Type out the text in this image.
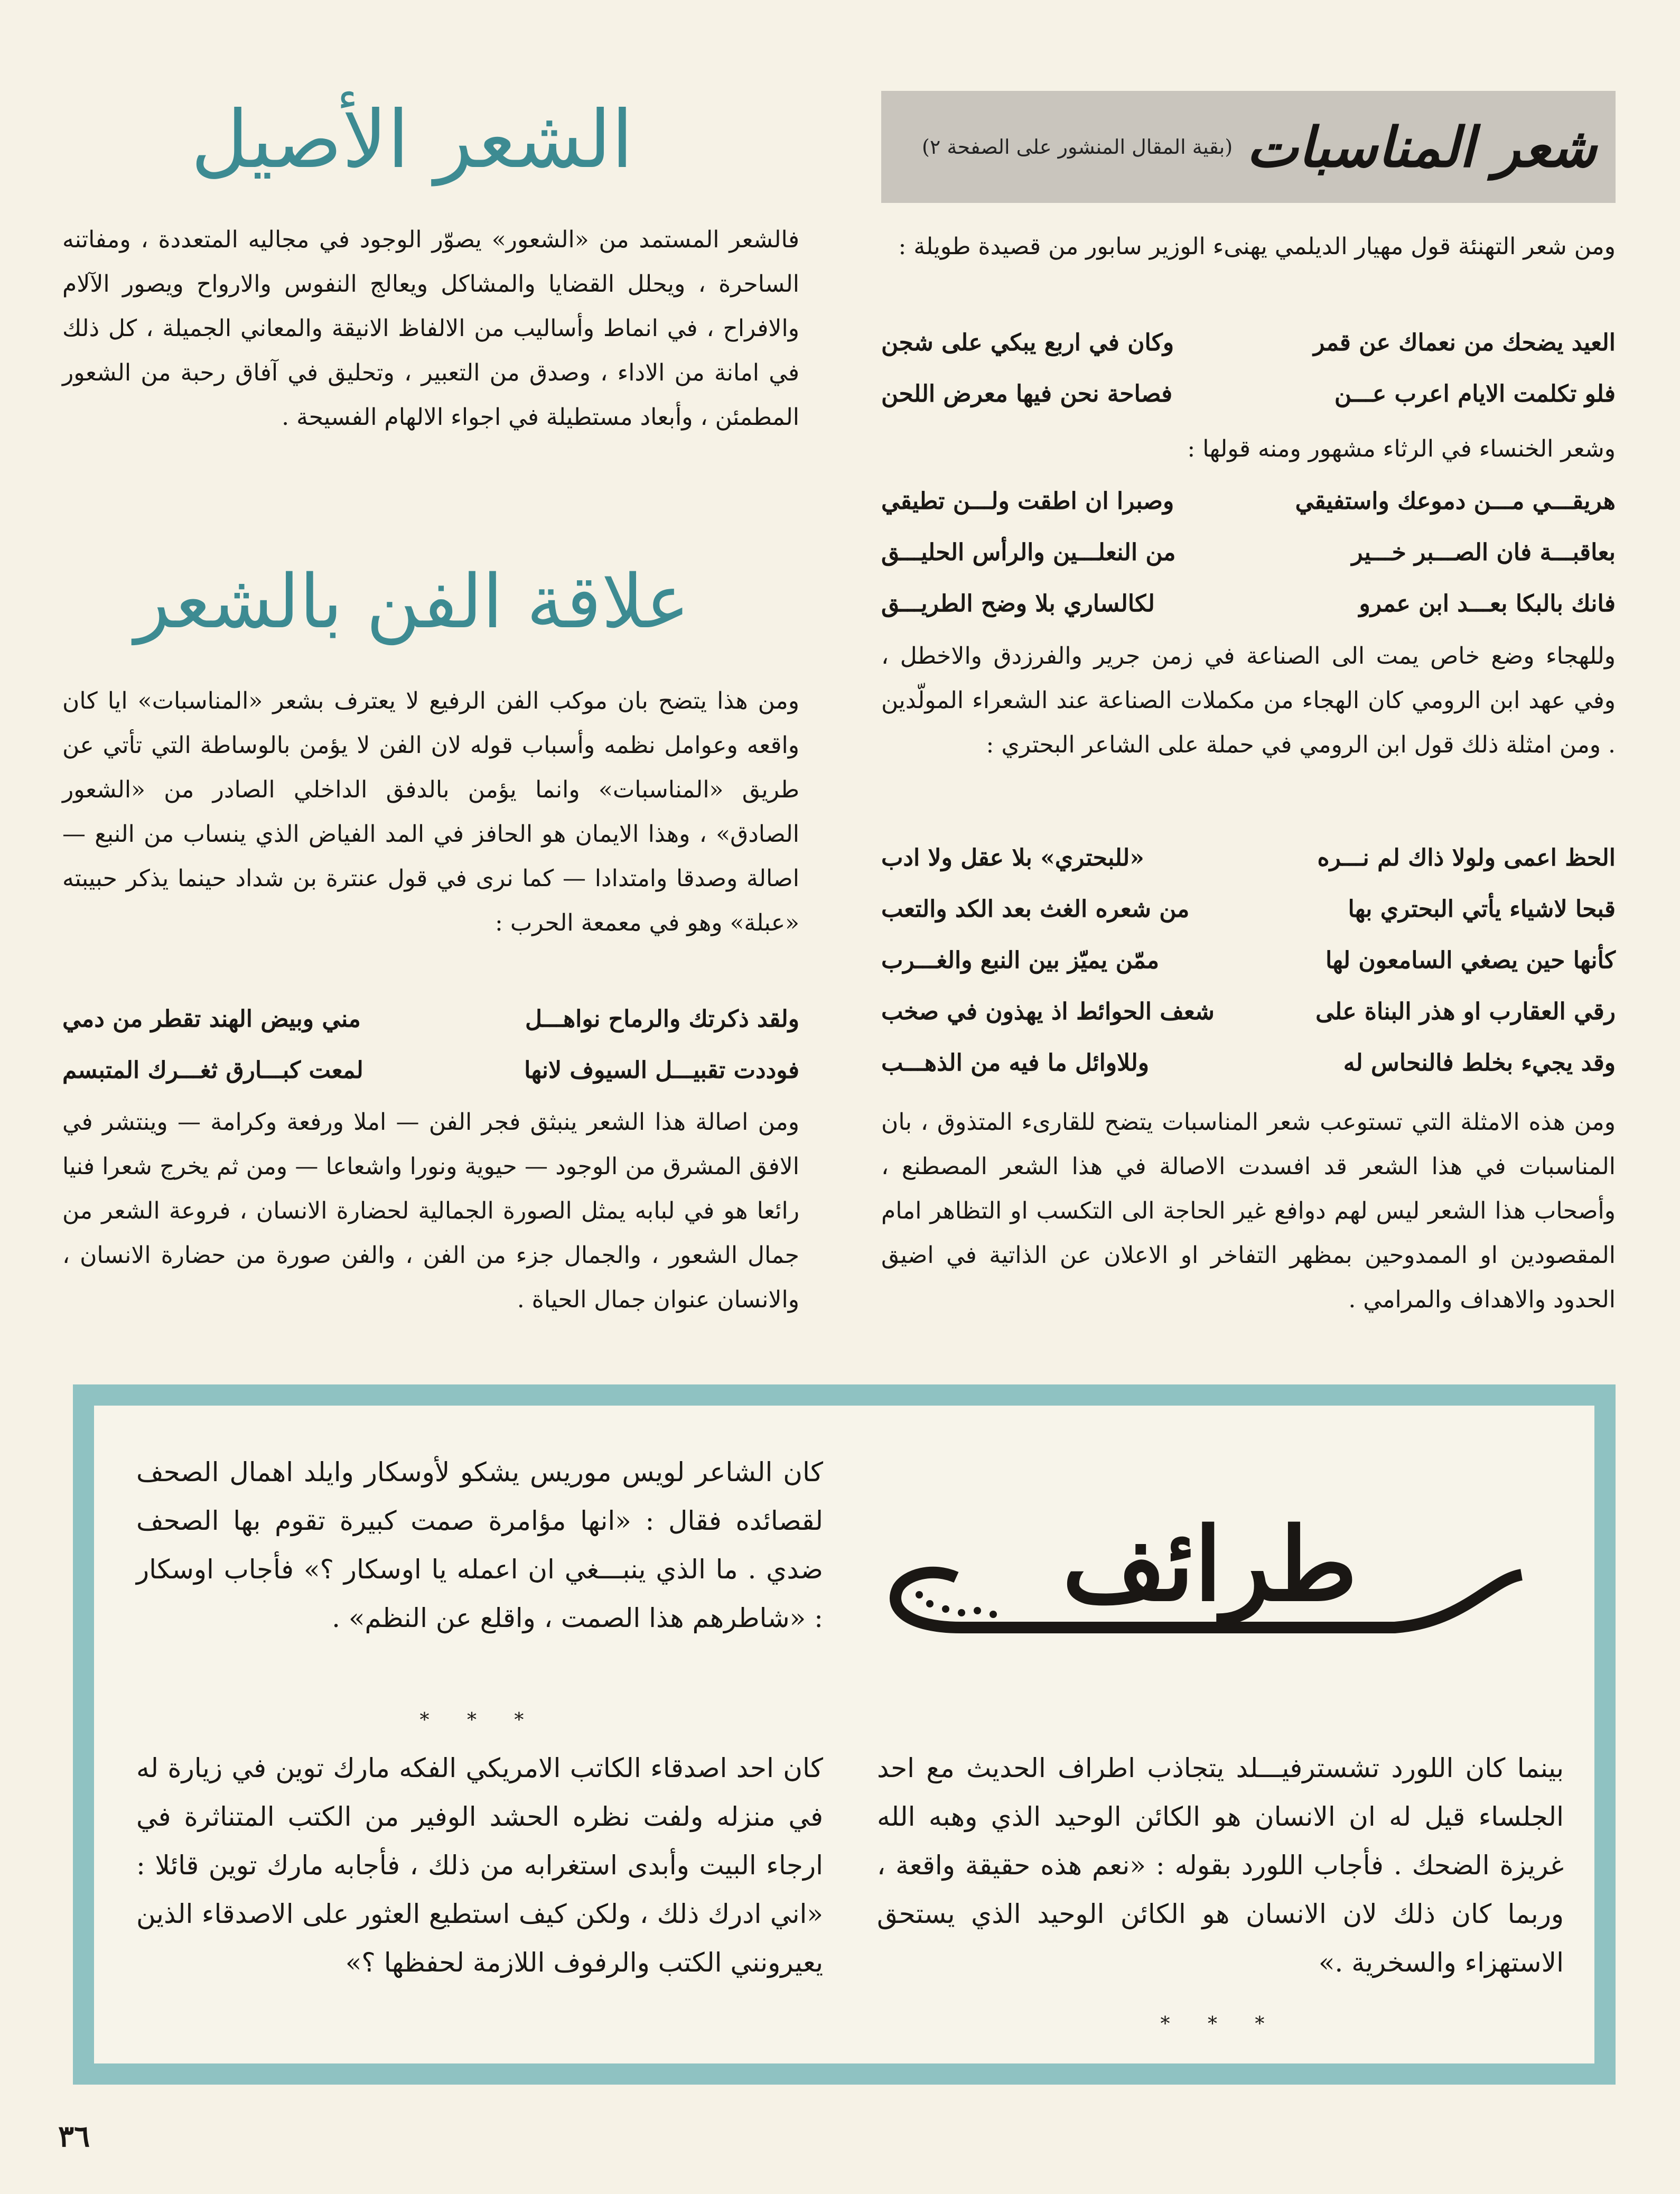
شعر المناسبات
(بقية المقال المنشور على الصفحة ٢)
ومن شعر التهنئة قول مهيار الديلمي يهنىء الوزير سابور من قصيدة طويلة :
العيد يضحك من نعماك عن قمر
وكان في اربع يبكي على شجن
فلو تكلمت الايام اعرب عـــن
فصاحة نحن فيها معرض اللحن
وشعر الخنساء في الرثاء مشهور ومنه قولها :
هريقـــي مـــن دموعك واستفيقي
وصبرا ان اطقت ولـــن تطيقي
بعاقبـــة فان الصـــبر خـــير
من النعلـــين والرأس الحليـــق
فانك بالبكا بعـــد ابن عمرو
لكالساري بلا وضح الطريـــق
وللهجاء وضع خاص يمت الى الصناعة في زمن جرير والفرزدق والاخطل ، وفي عهد ابن الرومي كان الهجاء من مكملات الصناعة عند الشعراء المولّدين . ومن امثلة ذلك قول ابن الرومي في حملة على الشاعر البحتري :
الحظ اعمى ولولا ذاك لم نـــره
«للبحتري» بلا عقل ولا ادب
قبحا لاشياء يأتي البحتري بها
من شعره الغث بعد الكد والتعب
كأنها حين يصغي السامعون لها
ممّن يميّز بين النبع والغـــرب
رقي العقارب او هذر البناة على
شعف الحوائط اذ يهذون في صخب
وقد يجيء بخلط فالنحاس له
وللاوائل ما فيه من الذهـــب
ومن هذه الامثلة التي تستوعب شعر المناسبات يتضح للقارىء المتذوق ، بان المناسبات في هذا الشعر قد افسدت الاصالة في هذا الشعر المصطنع ، وأصحاب هذا الشعر ليس لهم دوافع غير الحاجة الى التكسب او التظاهر امام المقصودين او الممدوحين بمظهر التفاخر او الاعلان عن الذاتية في اضيق الحدود والاهداف والمرامي .
الشعر الأصيل
فالشعر المستمد من «الشعور» يصوّر الوجود في مجاليه المتعددة ، ومفاتنه الساحرة ، ويحلل القضايا والمشاكل ويعالج النفوس والارواح ويصور الآلام والافراح ، في انماط وأساليب من الالفاظ الانيقة والمعاني الجميلة ، كل ذلك في امانة من الاداء ، وصدق من التعبير ، وتحليق في آفاق رحبة من الشعور المطمئن ، وأبعاد مستطيلة في اجواء الالهام الفسيحة .
علاقة الفن بالشعر
ومن هذا يتضح بان موكب الفن الرفيع لا يعترف بشعر «المناسبات» ايا كان واقعه وعوامل نظمه وأسباب قوله لان الفن لا يؤمن بالوساطة التي تأتي عن طريق «المناسبات» وانما يؤمن بالدفق الداخلي الصادر من «الشعور الصادق» ، وهذا الايمان هو الحافز في المد الفياض الذي ينساب من النبع — اصالة وصدقا وامتدادا — كما نرى في قول عنترة بن شداد حينما يذكر حبيبته «عبلة» وهو في معمعة الحرب :
ولقد ذكرتك والرماح نواهـــل
مني وبيض الهند تقطر من دمي
فوددت تقبيـــل السيوف لانها
لمعت كبـــارق ثغـــرك المتبسم
ومن اصالة هذا الشعر ينبثق فجر الفن — املا ورفعة وكرامة — وينتشر في الافق المشرق من الوجود — حيوية ونورا واشعاعا — ومن ثم يخرج شعرا فنيا رائعا هو في لبابه يمثل الصورة الجمالية لحضارة الانسان ، فروعة الشعر من جمال الشعور ، والجمال جزء من الفن ، والفن صورة من حضارة الانسان ، والانسان عنوان جمال الحياة .
طرائف
كان الشاعر لويس موريس يشكو لأوسكار وايلد اهمال الصحف لقصائده فقال : «انها مؤامرة صمت كبيرة تقوم بها الصحف ضدي . ما الذي ينبـــغي ان اعمله يا اوسكار ؟» فأجاب اوسكار : «شاطرهم هذا الصمت ، واقلع عن النظم» .
* * *
كان احد اصدقاء الكاتب الامريكي الفكه مارك توين في زيارة له في منزله ولفت نظره الحشد الوفير من الكتب المتناثرة في ارجاء البيت وأبدى استغرابه من ذلك ، فأجابه مارك توين قائلا : «اني ادرك ذلك ، ولكن كيف استطيع العثور على الاصدقاء الذين يعيرونني الكتب والرفوف اللازمة لحفظها ؟»
بينما كان اللورد تشسترفيـــلد يتجاذب اطراف الحديث مع احد الجلساء قيل له ان الانسان هو الكائن الوحيد الذي وهبه الله غريزة الضحك . فأجاب اللورد بقوله : «نعم هذه حقيقة واقعة ، وربما كان ذلك لان الانسان هو الكائن الوحيد الذي يستحق الاستهزاء والسخرية .»
* * *
٣٦
